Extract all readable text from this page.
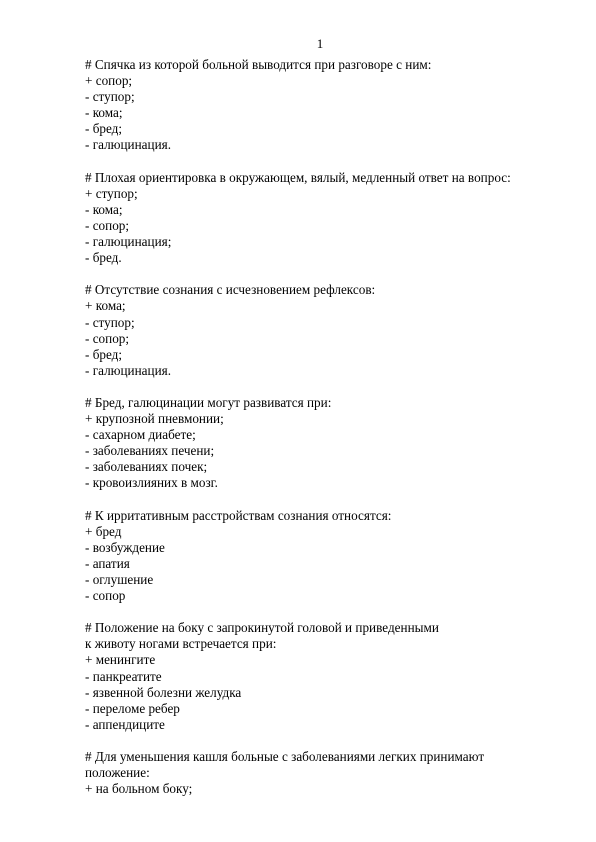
1
# Спячка из которой больной выводится при разговоре с ним:
+ сопор;
- ступор;
- кома;
- бред;
- галюцинация.
# Плохая ориентировка в окружающем, вялый, медленный ответ на вопрос:
+ ступор;
- кома;
- сопор;
- галюцинация;
- бред.
# Отсутствие сознания с исчезновением рефлексов:
+ кома;
- ступор;
- сопор;
- бред;
- галюцинация.
# Бред, галюцинации могут развиватся при:
+ крупозной пневмонии;
- сахарном диабете;
- заболеваниях печени;
- заболеваниях почек;
- кровоизлияних в мозг.
# К ирритативным расстройствам сознания относятся:
+ бред
- возбуждение
- апатия
- оглушение
- сопор
# Положение на боку с запрокинутой головой и приведенными
к животу ногами встречается при:
+ менингите
- панкреатите
- язвенной болезни желудка
- переломе ребер
- аппендиците
# Для уменьшения кашля больные с заболеваниями легких принимают
положение:
+ на больном боку;
